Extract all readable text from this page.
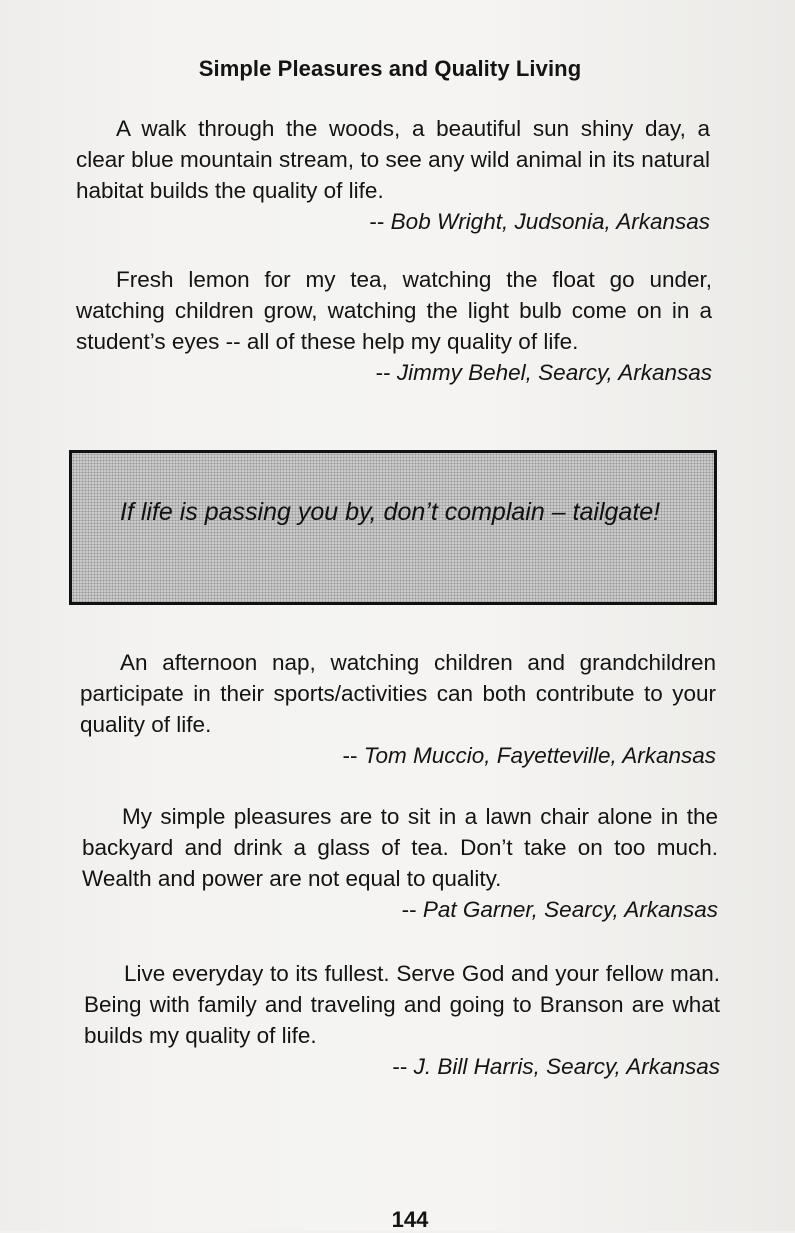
Simple Pleasures and Quality Living

A walk through the woods, a beautiful sun shiny day, a clear blue mountain stream, to see any wild animal in its natural habitat builds the quality of life.

-- Bob Wright, Judsonia, Arkansas

Fresh lemon for my tea, watching the float go under, watching children grow, watching the light bulb come on in a student’s eyes -- all of these help my quality of life.

-- Jimmy Behel, Searcy, Arkansas
If life is passing you by, don’t complain – tailgate!

An afternoon nap, watching children and grandchildren participate in their sports/activities can both contribute to your quality of life.

-- Tom Muccio, Fayetteville, Arkansas

My simple pleasures are to sit in a lawn chair alone in the backyard and drink a glass of tea. Don’t take on too much. Wealth and power are not equal to quality.

-- Pat Garner, Searcy, Arkansas

Live everyday to its fullest. Serve God and your fellow man. Being with family and traveling and going to Branson are what builds my quality of life.

-- J. Bill Harris, Searcy, Arkansas
144
